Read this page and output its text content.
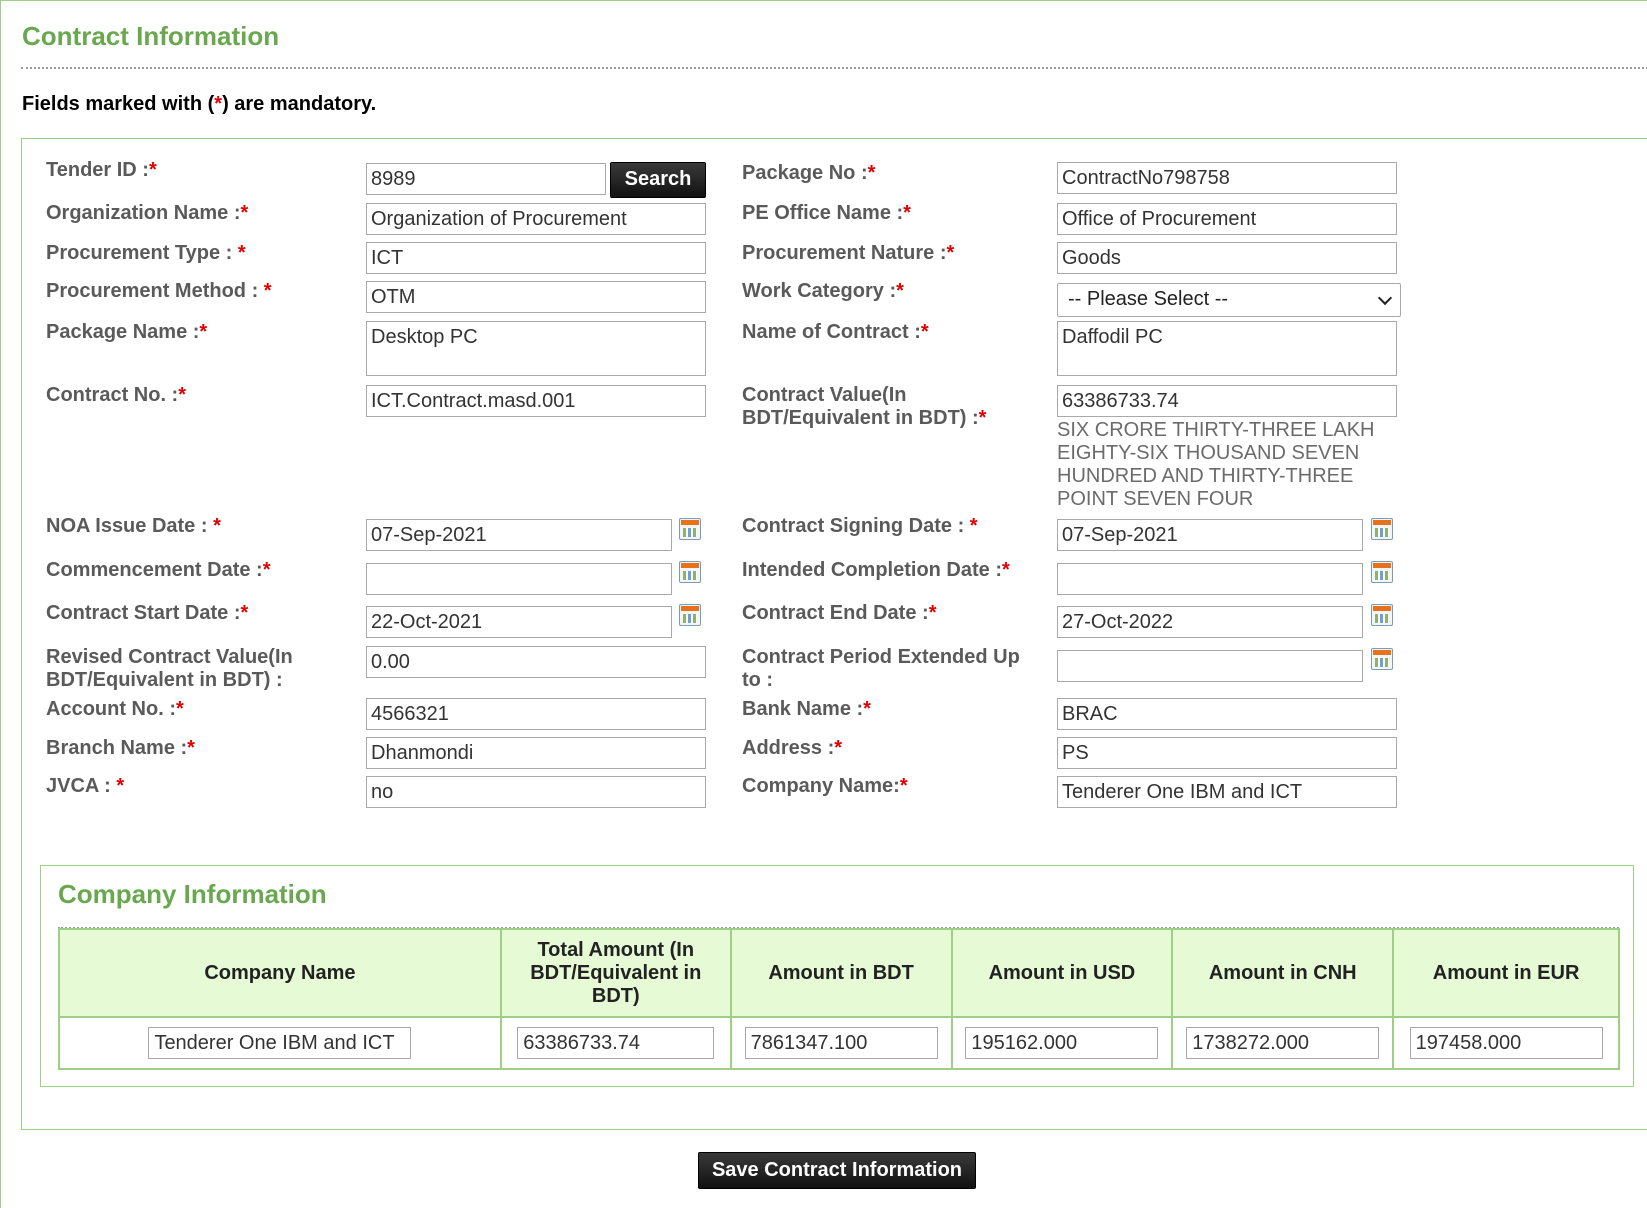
Contract Information
Fields marked with (*) are mandatory.
Tender ID :*	8989	Search
Organization Name :*	Organization of Procurement
Procurement Type : *	ICT
Procurement Method : *	OTM
Package Name :*	Desktop PC
Contract No. :*	ICT.Contract.masd.001
NOA Issue Date : *	07-Sep-2021
Commencement Date :*
Contract Start Date :*	22-Oct-2021
Revised Contract Value(In BDT/Equivalent in BDT) :
0.00
Account No. :*	4566321
Branch Name :*	Dhanmondi
JVCA : *	no
Package No :*	ContractNo798758
PE Office Name :*	Office of Procurement
Procurement Nature :*	Goods
Work Category :*	-- Please Select --
Name of Contract :*	Daffodil PC
Contract Value(In BDT/Equivalent in BDT) :*
63386733.74
SIX CRORE THIRTY-THREE LAKH EIGHTY-SIX THOUSAND SEVEN HUNDRED AND THIRTY-THREE POINT SEVEN FOUR
Contract Signing Date : *	07-Sep-2021
Intended Completion Date :*
Contract End Date :*	27-Oct-2022
Contract Period Extended Up to :
Bank Name :*	BRAC
Address :*	PS
Company Name:*	Tenderer One IBM and ICT
Company Information
Company Name	Total Amount (In BDT/Equivalent in BDT)	Amount in BDT	Amount in USD	Amount in CNH	Amount in EUR
Tenderer One IBM and ICT	63386733.74	7861347.100	195162.000	1738272.000	197458.000
Save Contract Information
